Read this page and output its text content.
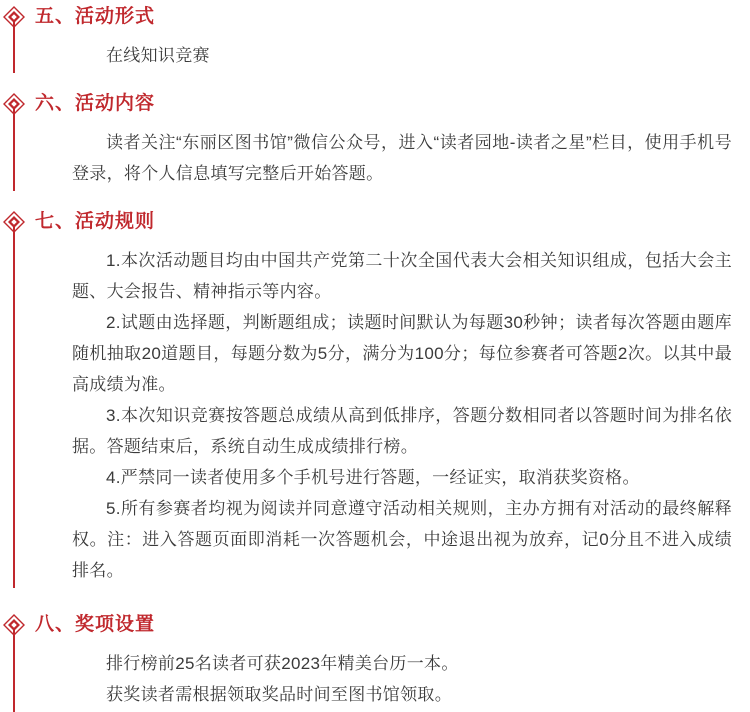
五、活动形式

在线知识竞赛

六、活动内容

读者关注“东丽区图书馆”微信公众号，进入“读者园地-读者之星”栏目，使用手机号登录，将个人信息填写完整后开始答题。

七、活动规则

1.本次活动题目均由中国共产党第二十次全国代表大会相关知识组成，包括大会主题、大会报告、精神指示等内容。

2.试题由选择题，判断题组成；读题时间默认为每题30秒钟；读者每次答题由题库随机抽取20道题目，每题分数为5分，满分为100分；每位参赛者可答题2次。以其中最高成绩为准。

3.本次知识竞赛按答题总成绩从高到低排序，答题分数相同者以答题时间为排名依据。答题结束后，系统自动生成成绩排行榜。

4.严禁同一读者使用多个手机号进行答题，一经证实，取消获奖资格。

5.所有参赛者均视为阅读并同意遵守活动相关规则，主办方拥有对活动的最终解释权。注：进入答题页面即消耗一次答题机会，中途退出视为放弃，记0分且不进入成绩排名。

八、奖项设置

排行榜前25名读者可获2023年精美台历一本。

获奖读者需根据领取奖品时间至图书馆领取。
